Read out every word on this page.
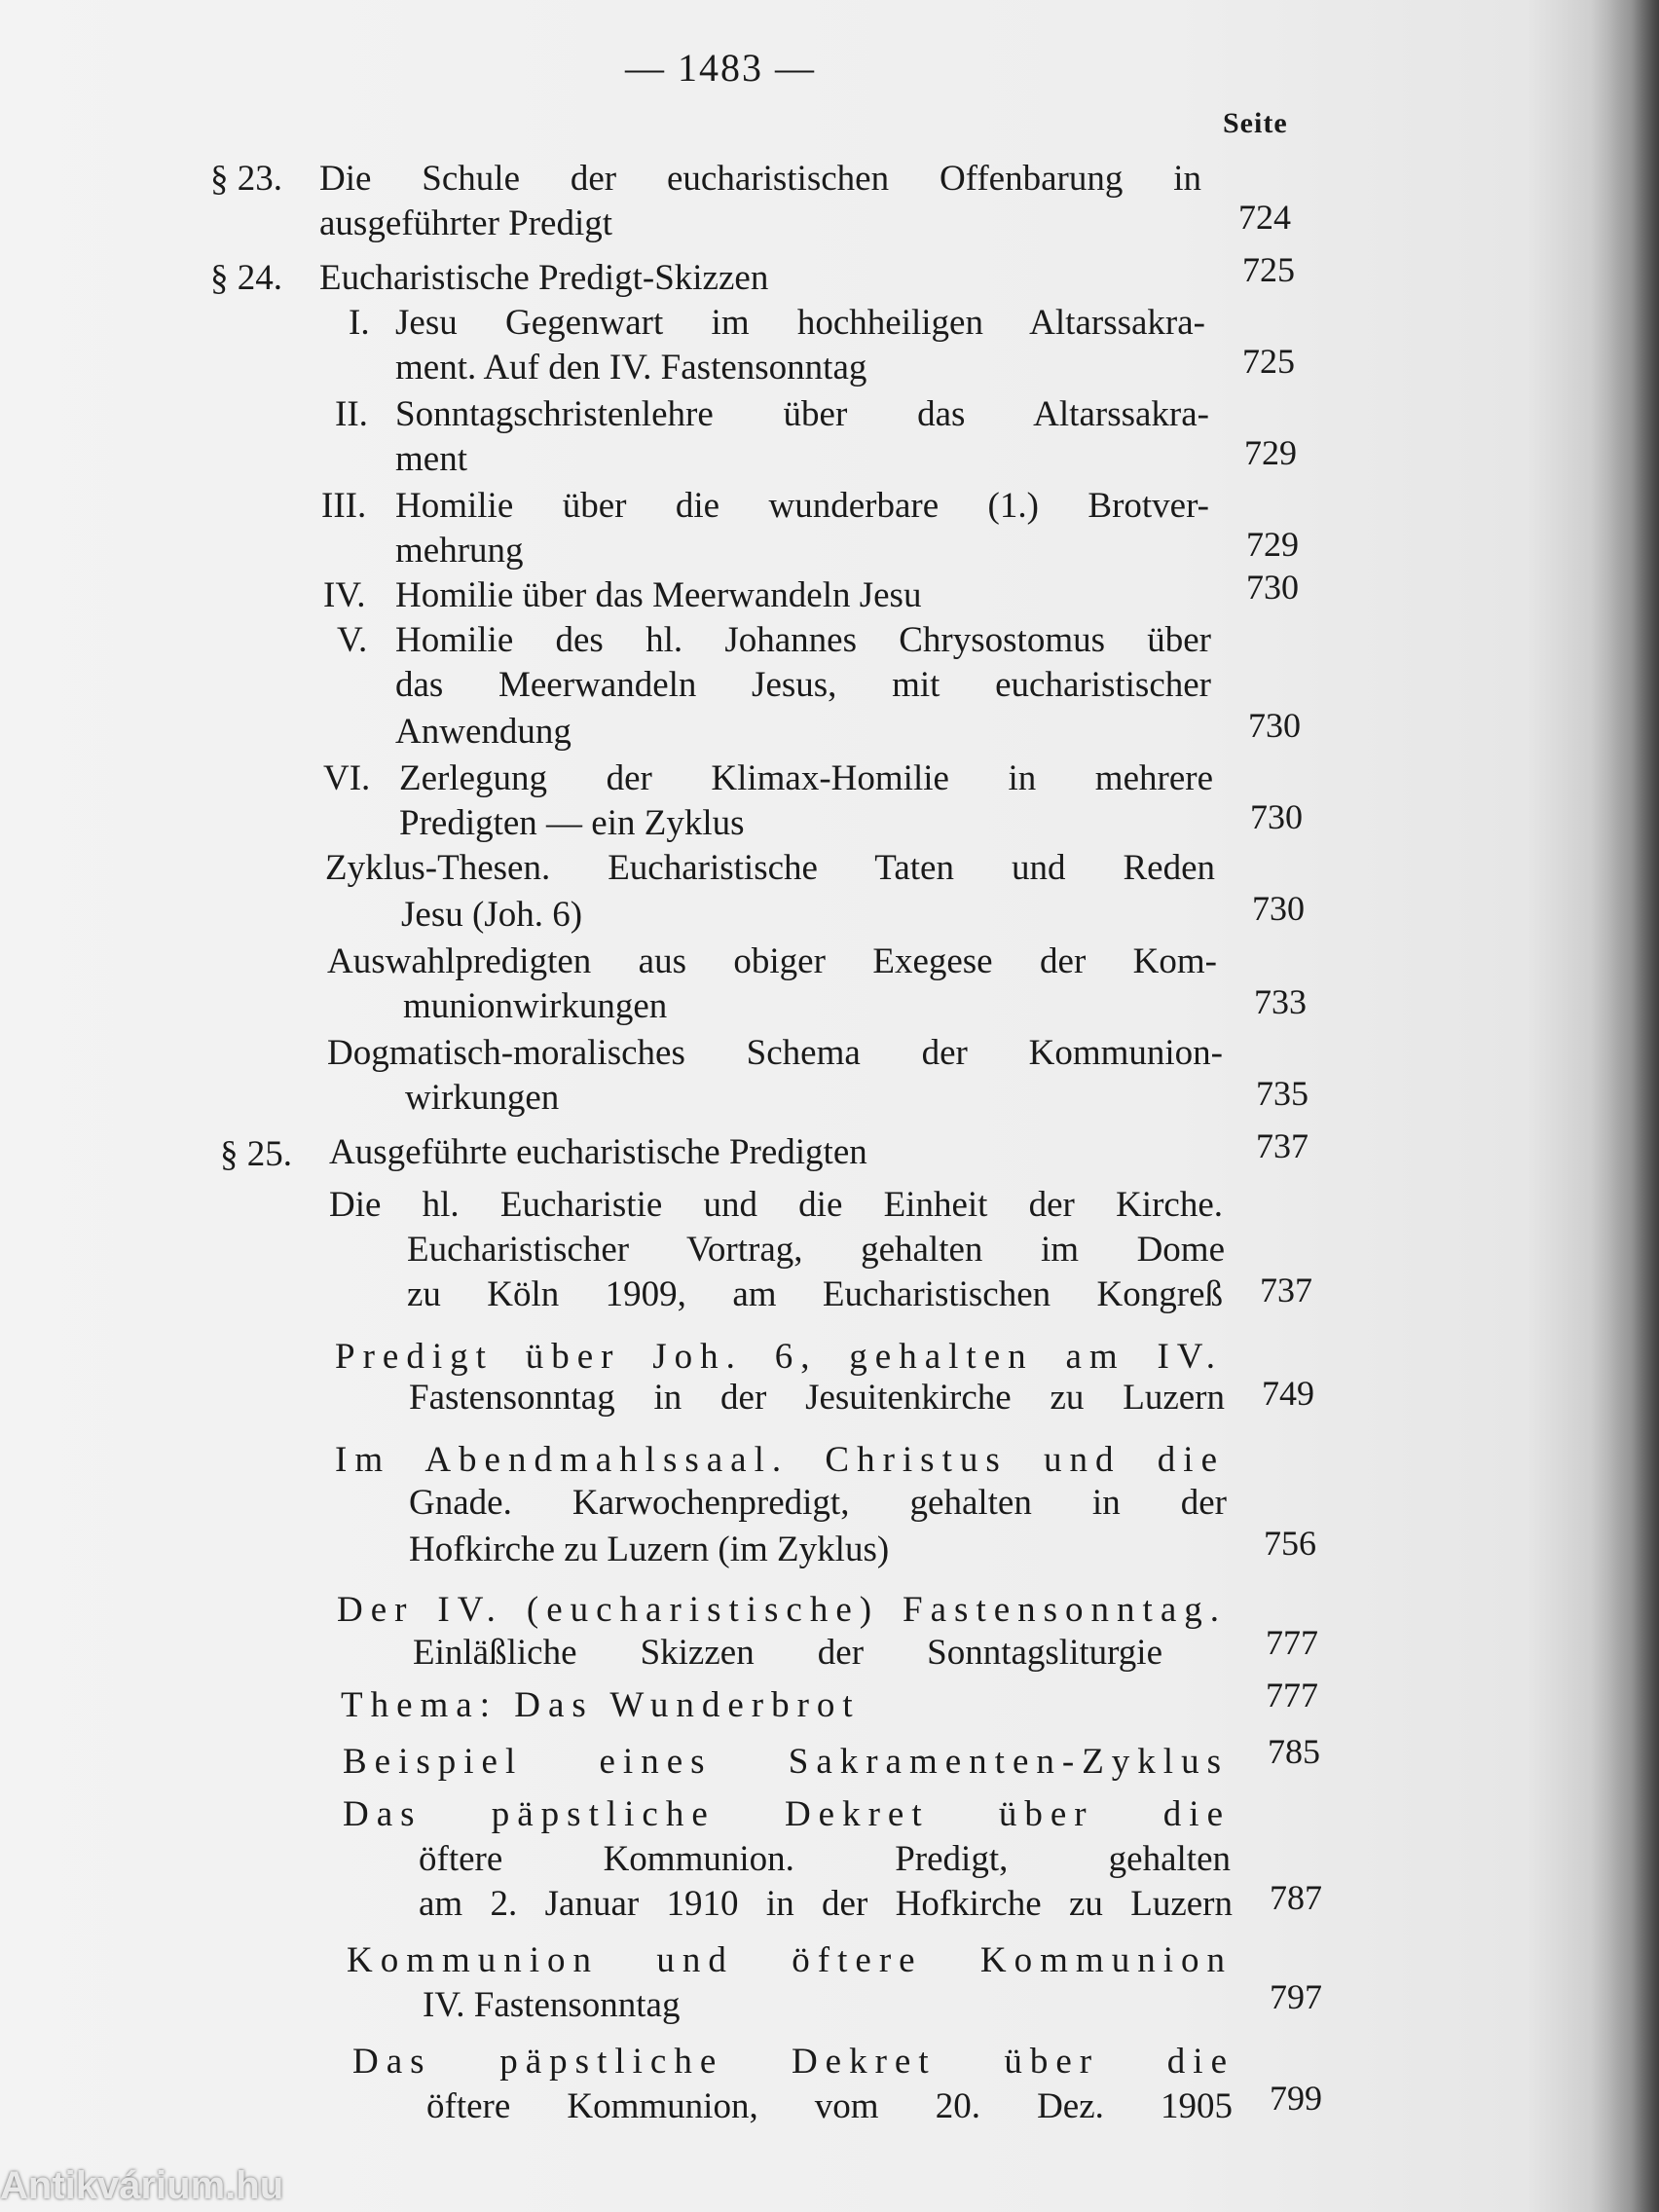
— 1483 —
Seite
§ 23. Die Schule der eucharistischen Offenbarung in
ausgeführter Predigt	724
§ 24. Eucharistische Predigt-Skizzen	725
I. Jesu Gegenwart im hochheiligen Altarssakra-
ment. Auf den IV. Fastensonntag	725
II. Sonntagschristenlehre über das Altarssakra-
ment	729
III. Homilie über die wunderbare (1.) Brotver-
mehrung	729
IV. Homilie über das Meerwandeln Jesu	730
V. Homilie des hl. Johannes Chrysostomus über
das Meerwandeln Jesus, mit eucharistischer
Anwendung	730
VI. Zerlegung der Klimax-Homilie in mehrere
Predigten — ein Zyklus	730
Zyklus-Thesen. Eucharistische Taten und Reden
Jesu (Joh. 6)	730
Auswahlpredigten aus obiger Exegese der Kom-
munionwirkungen	733
Dogmatisch-moralisches Schema der Kommunion-
wirkungen	735
§ 25. Ausgeführte eucharistische Predigten	737
Die hl. Eucharistie und die Einheit der Kirche.
Eucharistischer Vortrag, gehalten im Dome
zu Köln 1909, am Eucharistischen Kongreß 737
Predigt über Joh. 6, gehalten am IV.
Fastensonntag in der Jesuitenkirche zu Luzern 749
Im Abendmahlssaal. Christus und die
Gnade. Karwochenpredigt, gehalten in der
Hofkirche zu Luzern (im Zyklus)	756
Der IV. (eucharistische) Fastensonntag.
Einläßliche Skizzen der Sonntagsliturgie	777
Thema: Das Wunderbrot	777
Beispiel eines Sakramenten-Zyklus 785
Das päpstliche Dekret über die
öftere Kommunion. Predigt, gehalten
am 2. Januar 1910 in der Hofkirche zu Luzern 787
Kommunion und öftere Kommunion
IV. Fastensonntag	797
Das päpstliche Dekret über die
öftere Kommunion, vom 20. Dez. 1905 799
Antikvárium.hu
